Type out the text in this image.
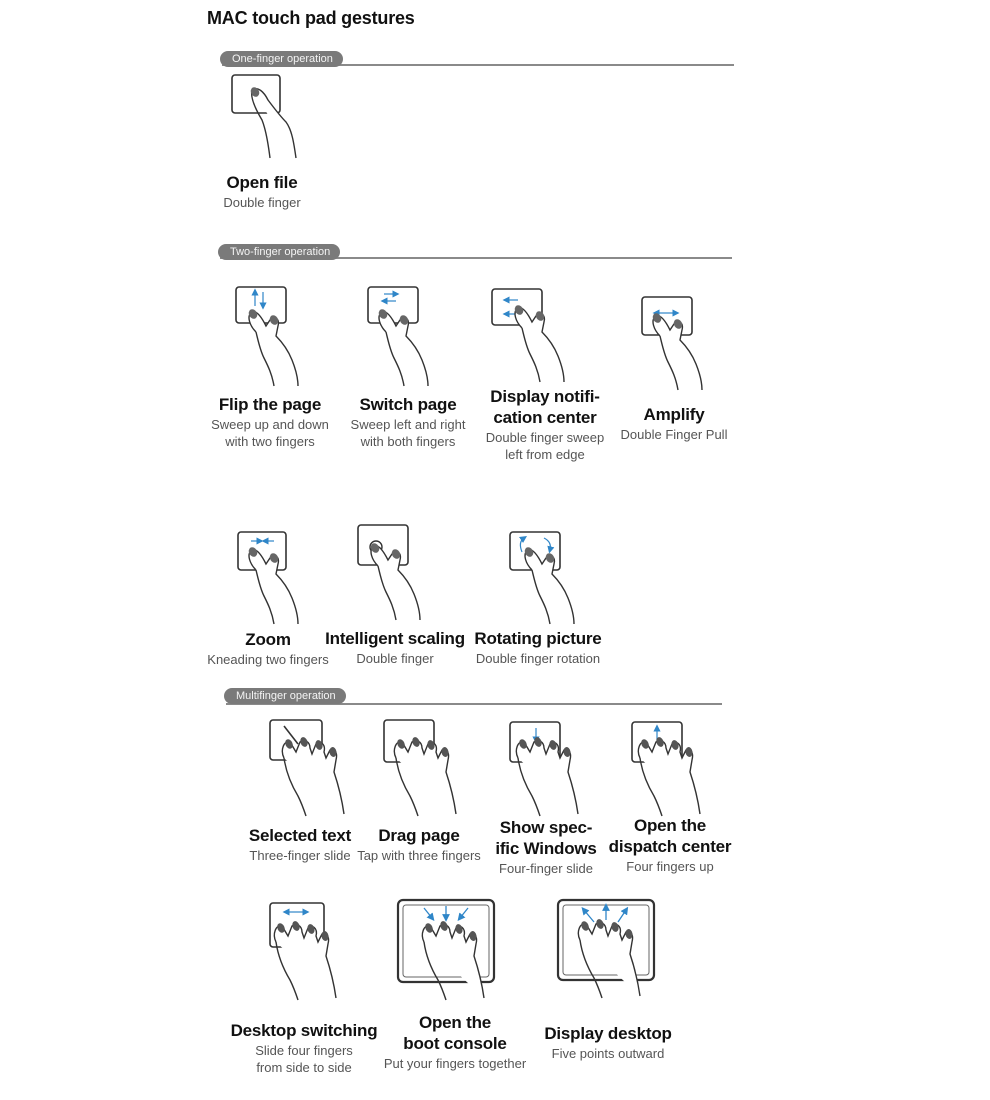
MAC touch pad gestures
One-finger operation
Two-finger operation
Multifinger operation
Open file
Double finger
Flip the page
Sweep up and down
with two fingers
Switch page
Sweep left and right
with both fingers
Display notifi-
cation center
Double finger sweep
left from edge
Amplify
Double Finger Pull
Zoom
Kneading two fingers
Intelligent scaling
Double finger
Rotating picture
Double finger rotation
Selected text
Three-finger slide
Drag page
Tap with three fingers
Show spec-
ific Windows
Four-finger slide
Open the
dispatch center
Four fingers up
Desktop switching
Slide four fingers
from side to side
Open the
boot console
Put your fingers together
Display desktop
Five points outward
